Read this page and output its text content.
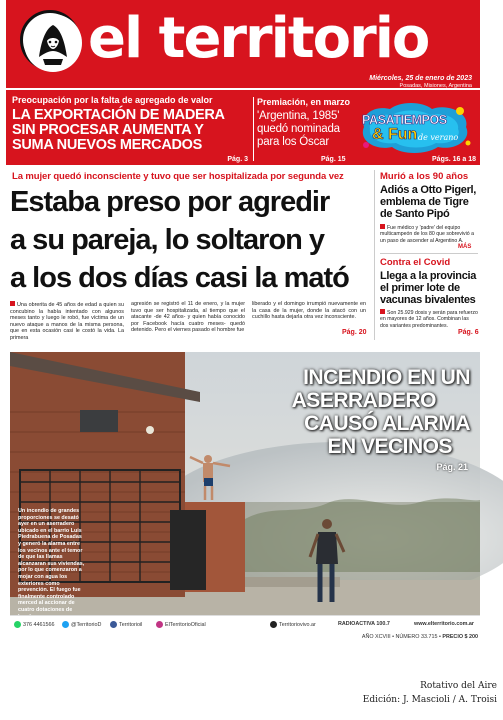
el territorio
Miércoles, 25 de enero de 2023
Posadas, Misiones, Argentina
Preocupación por la falta de agregado de valor
LA EXPORTACIÓN DE MADERA
SIN PROCESAR AUMENTA Y
SUMA NUEVOS MERCADOS
Pág. 3
Premiación, en marzo
'Argentina, 1985'
quedó nominada
para los Óscar
Pág. 15
PASATIEMPOS
& Fun de verano
Págs. 16 a 18
La mujer quedó inconsciente y tuvo que ser hospitalizada por segunda vez
Estaba preso por agredir
a su pareja, lo soltaron y
a los dos días casi la mató
Una obrerita de 45 años de edad a quien su concubino la había intentado con algunos meses tanto y luego le robó, fue víctima de un nuevo ataque a manos de la misma persona, que en esta ocasión casi le costó la vida. La primera
agresión se registró el 11 de enero, y la mujer tuvo que ser hospitalizada, al tiempo que el atacante -de 42 años- y quien había conocido por Facebook hacía cuatro meses- quedó detenido. Pero el viernes pasado el hombre fue
liberado y el domingo irrumpió nuevamente en la casa de la mujer, donde la atacó con un cuchillo hasta dejarla otra vez inconsciente.
Pág. 20
Murió a los 90 años
Adiós a Otto Pigerl, emblema de Tigre de Santo Pipó
Fue médico y 'padre' del equipo multicampeón de los 80 que sobrevivió a un paso de ascender al Argentino A.
MÁS
Contra el Covid
Llega a la provincia el primer lote de vacunas bivalentes
Son 25.929 dosis y serán para refuerzo en mayores de 12 años. Combinan las dos variantes predominantes.
Pág. 6
INCENDIO EN UN
ASERRADERO
CAUSÓ ALARMA
EN VECINOS
Pág. 21
Un incendio de grandes proporciones se desató ayer en un aserradero ubicado en el barrio Luis Piedrabuena de Posadas y generó la alarma entre los vecinos ante el temor de que las llamas alcanzaran sus viviendas, por lo que comenzaron a mojar con agua los exteriores como prevención. El fuego fue finalmente controlado merced al accionar de cuatro dotaciones de
376 4461566	@TerritorioD	Territorioil	ElTerritorioOficial	Territoriovivo.ar	RADIOACTIVA 100.7	www.elterritorio.com.ar
AÑO XCVIII • NÚMERO 33.715 • PRECIO $ 200
Rotativo del Aire
Edición: J. Mascioli / A. Troisi
